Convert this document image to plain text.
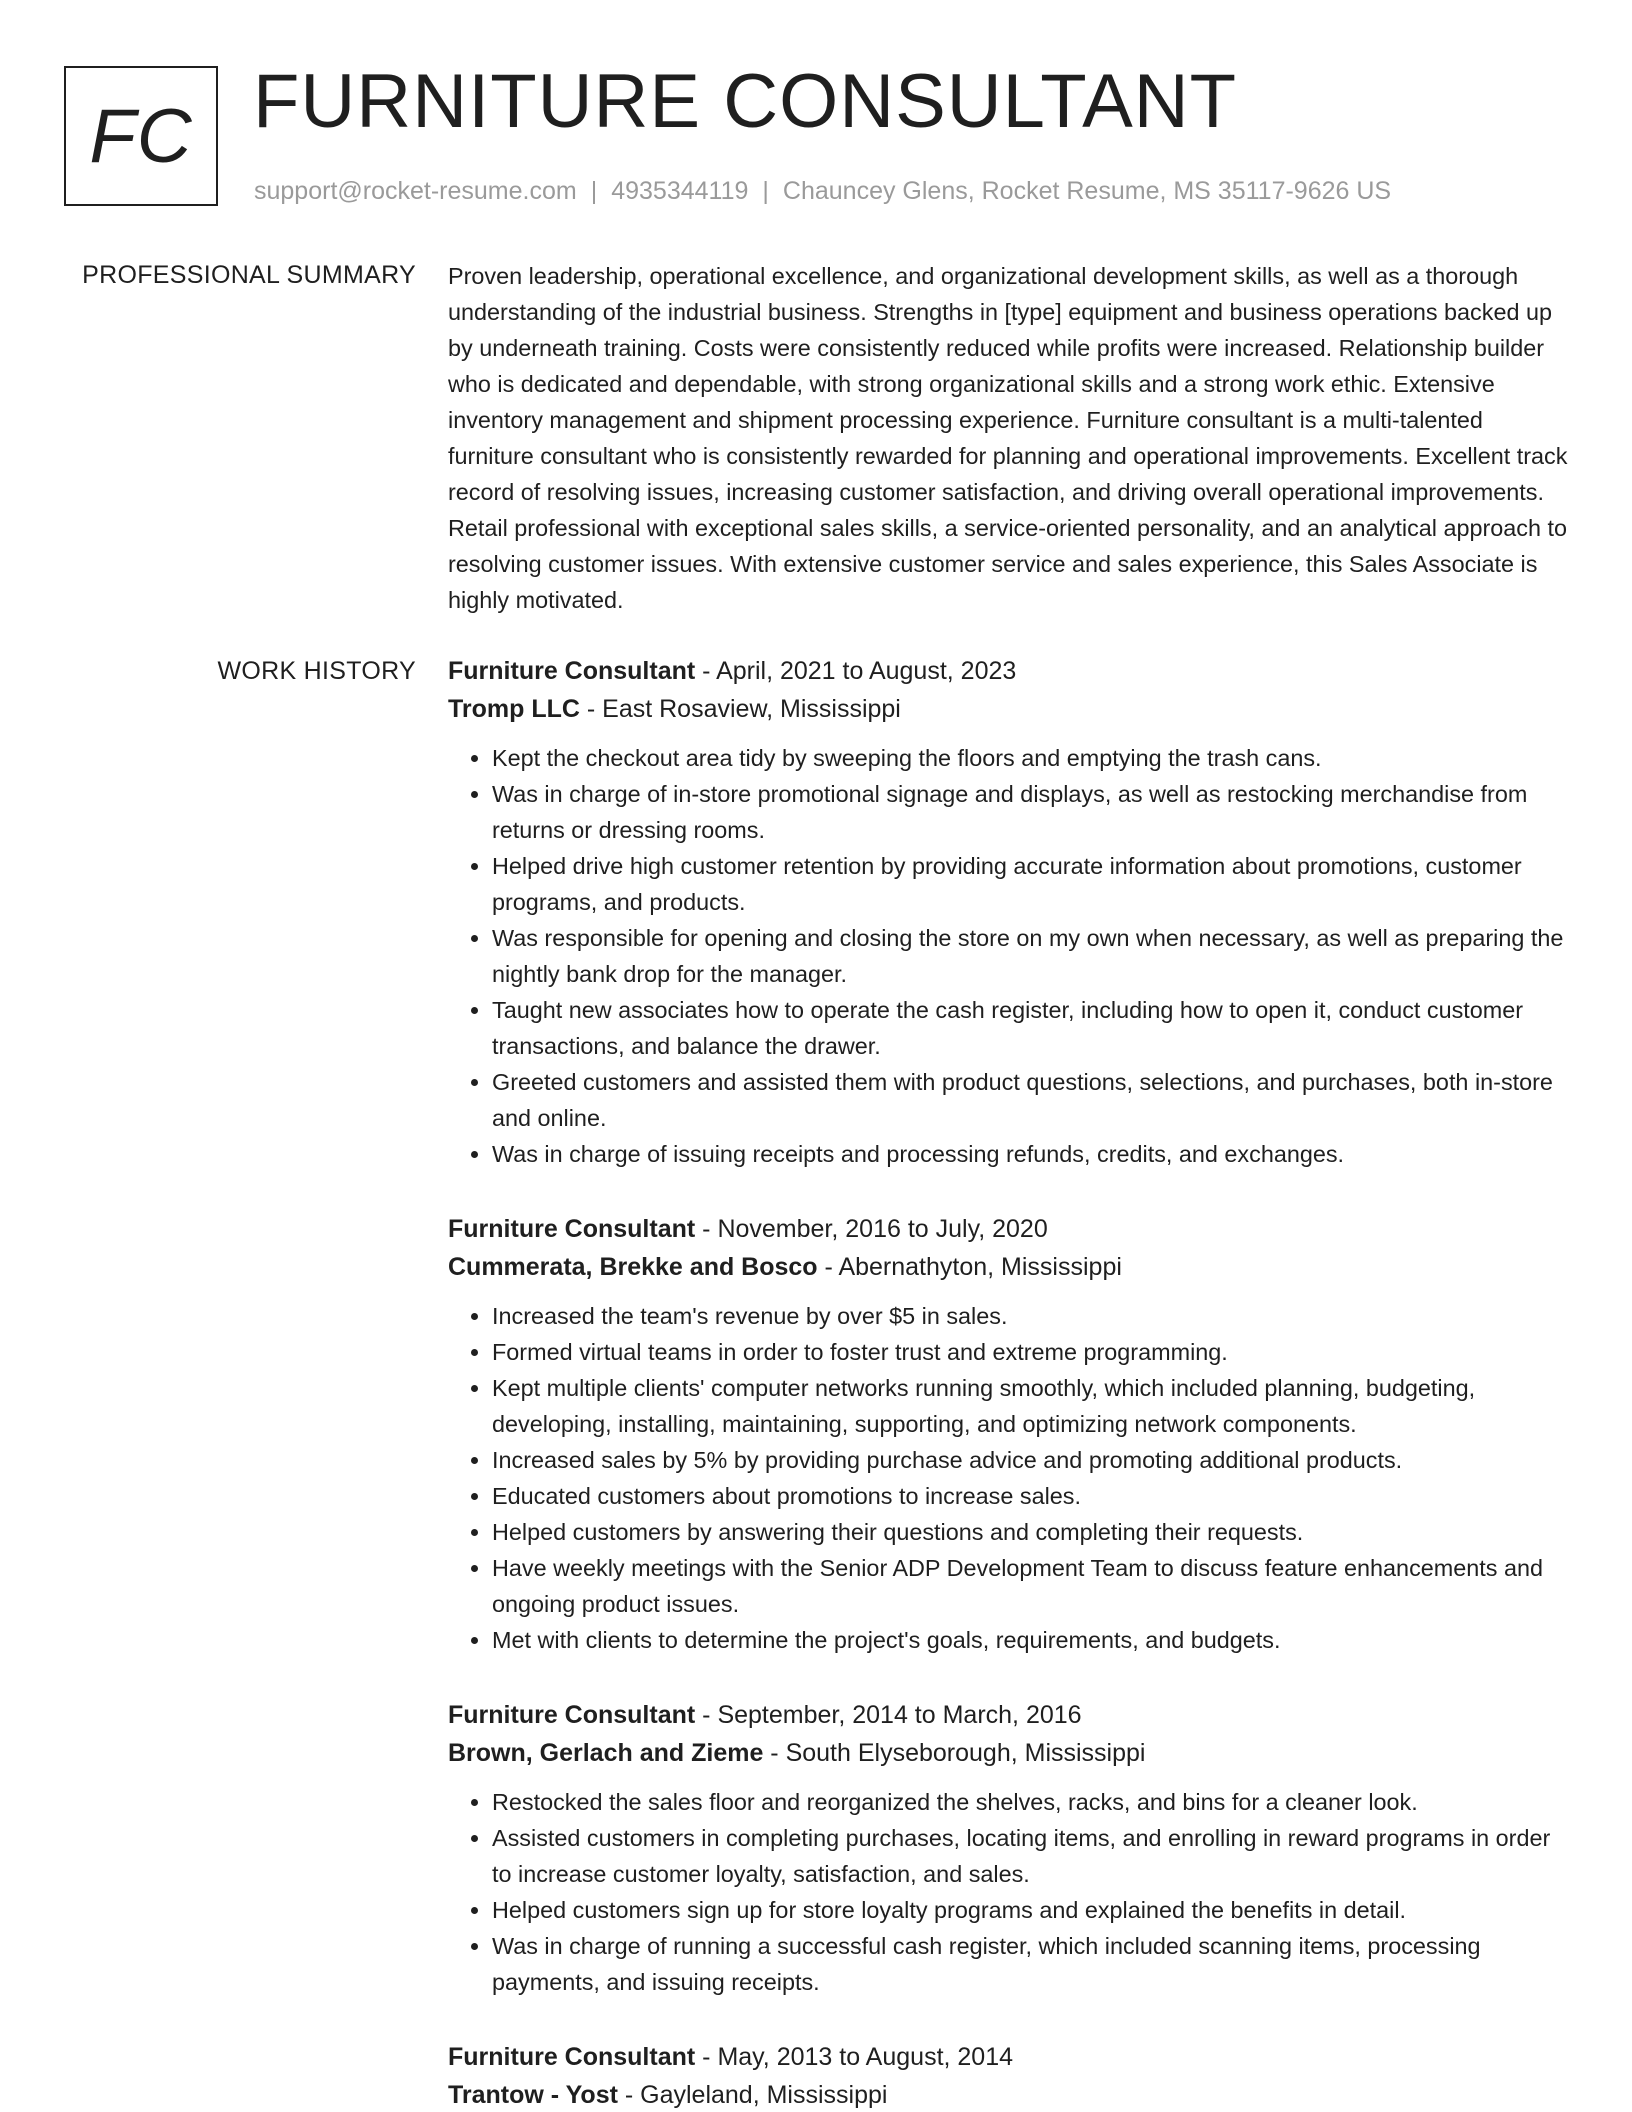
FC FURNITURE CONSULTANT
support@rocket-resume.com | 4935344119 | Chauncey Glens, Rocket Resume, MS 35117-9626 US
PROFESSIONAL SUMMARY Proven leadership, operational excellence, and organizational development skills, as well as a thorough understanding of the industrial business. Strengths in [type] equipment and business operations backed up by underneath training. Costs were consistently reduced while profits were increased. Relationship builder who is dedicated and dependable, with strong organizational skills and a strong work ethic. Extensive inventory management and shipment processing experience. Furniture consultant is a multi-talented furniture consultant who is consistently rewarded for planning and operational improvements. Excellent track record of resolving issues, increasing customer satisfaction, and driving overall operational improvements. Retail professional with exceptional sales skills, a service-oriented personality, and an analytical approach to resolving customer issues. With extensive customer service and sales experience, this Sales Associate is highly motivated.

WORK HISTORY Furniture Consultant - April, 2021 to August, 2023
Tromp LLC - East Rosaview, Mississippi
• Kept the checkout area tidy by sweeping the floors and emptying the trash cans.
• Was in charge of in-store promotional signage and displays, as well as restocking merchandise from returns or dressing rooms.
• Helped drive high customer retention by providing accurate information about promotions, customer programs, and products.
• Was responsible for opening and closing the store on my own when necessary, as well as preparing the nightly bank drop for the manager.
• Taught new associates how to operate the cash register, including how to open it, conduct customer transactions, and balance the drawer.
• Greeted customers and assisted them with product questions, selections, and purchases, both in-store and online.
• Was in charge of issuing receipts and processing refunds, credits, and exchanges.
Furniture Consultant - November, 2016 to July, 2020
Cummerata, Brekke and Bosco - Abernathyton, Mississippi
• Increased the team's revenue by over $5 in sales.
• Formed virtual teams in order to foster trust and extreme programming.
• Kept multiple clients' computer networks running smoothly, which included planning, budgeting, developing, installing, maintaining, supporting, and optimizing network components.
• Increased sales by 5% by providing purchase advice and promoting additional products.
• Educated customers about promotions to increase sales.
• Helped customers by answering their questions and completing their requests.
• Have weekly meetings with the Senior ADP Development Team to discuss feature enhancements and ongoing product issues.
• Met with clients to determine the project's goals, requirements, and budgets.
Furniture Consultant - September, 2014 to March, 2016
Brown, Gerlach and Zieme - South Elyseborough, Mississippi
• Restocked the sales floor and reorganized the shelves, racks, and bins for a cleaner look.
• Assisted customers in completing purchases, locating items, and enrolling in reward programs in order to increase customer loyalty, satisfaction, and sales.
• Helped customers sign up for store loyalty programs and explained the benefits in detail.
• Was in charge of running a successful cash register, which included scanning items, processing payments, and issuing receipts.
Furniture Consultant - May, 2013 to August, 2014
Trantow - Yost - Gayleland, Mississippi
